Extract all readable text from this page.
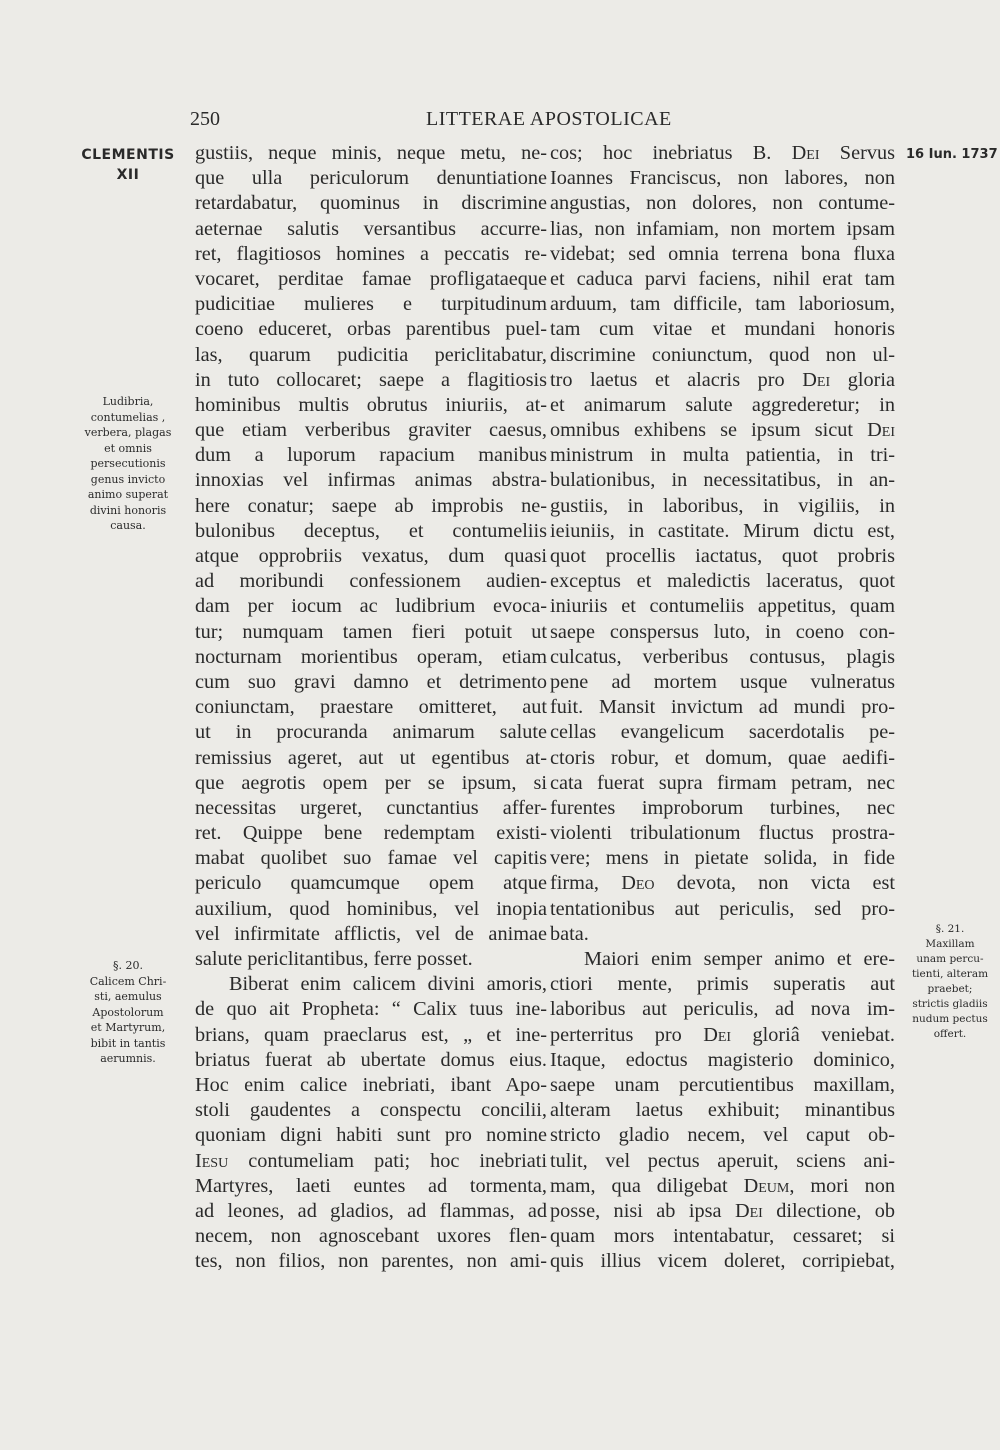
250	LITTERAE APOSTOLICAE
CLEMENTIS
XII
16 Iun. 1737
Ludibria,
contumelias ,
verbera, plagas
et omnis
persecutionis
genus invicto
animo superat
divini honoris
causa.
§. 20.
Calicem Chri-
sti, aemulus
Apostolorum
et Martyrum,
bibit in tantis
aerumnis.
§. 21.
Maxillam
unam percu-
tienti, alteram
praebet;
strictis gladiis
nudum pectus
offert.
gustiis, neque minis, neque metu, ne-
que ulla periculorum denuntiatione
retardabatur, quominus in discrimine
aeternae salutis versantibus accurre-
ret, flagitiosos homines a peccatis re-
vocaret, perditae famae profligataeque
pudicitiae mulieres e turpitudinum
coeno educeret, orbas parentibus puel-
las, quarum pudicitia periclitabatur,
in tuto collocaret; saepe a flagitiosis
hominibus multis obrutus iniuriis, at-
que etiam verberibus graviter caesus,
dum a luporum rapacium manibus
innoxias vel infirmas animas abstra-
here conatur; saepe ab improbis ne-
bulonibus deceptus, et contumeliis
atque opprobriis vexatus, dum quasi
ad moribundi confessionem audien-
dam per iocum ac ludibrium evoca-
tur; numquam tamen fieri potuit ut
nocturnam morientibus operam, etiam
cum suo gravi damno et detrimento
coniunctam, praestare omitteret, aut
ut in procuranda animarum salute
remissius ageret, aut ut egentibus at-
que aegrotis opem per se ipsum, si
necessitas urgeret, cunctantius affer-
ret. Quippe bene redemptam existi-
mabat quolibet suo famae vel capitis
periculo quamcumque opem atque
auxilium, quod hominibus, vel inopia
vel infirmitate afflictis, vel de animae
salute periclitantibus, ferre posset.
Biberat enim calicem divini amoris,
de quo ait Propheta: “ Calix tuus ine-
brians, quam praeclarus est, „ et ine-
briatus fuerat ab ubertate domus eius.
Hoc enim calice inebriati, ibant Apo-
stoli gaudentes a conspectu concilii,
quoniam digni habiti sunt pro nomine
Iesu contumeliam pati; hoc inebriati
Martyres, laeti euntes ad tormenta,
ad leones, ad gladios, ad flammas, ad
necem, non agnoscebant uxores flen-
tes, non filios, non parentes, non ami-
cos; hoc inebriatus B. Dei Servus
Ioannes Franciscus, non labores, non
angustias, non dolores, non contume-
lias, non infamiam, non mortem ipsam
videbat; sed omnia terrena bona fluxa
et caduca parvi faciens, nihil erat tam
arduum, tam difficile, tam laboriosum,
tam cum vitae et mundani honoris
discrimine coniunctum, quod non ul-
tro laetus et alacris pro Dei gloria
et animarum salute aggrederetur; in
omnibus exhibens se ipsum sicut Dei
ministrum in multa patientia, in tri-
bulationibus, in necessitatibus, in an-
gustiis, in laboribus, in vigiliis, in
ieiuniis, in castitate. Mirum dictu est,
quot procellis iactatus, quot probris
exceptus et maledictis laceratus, quot
iniuriis et contumeliis appetitus, quam
saepe conspersus luto, in coeno con-
culcatus, verberibus contusus, plagis
pene ad mortem usque vulneratus
fuit. Mansit invictum ad mundi pro-
cellas evangelicum sacerdotalis pe-
ctoris robur, et domum, quae aedifi-
cata fuerat supra firmam petram, nec
furentes improborum turbines, nec
violenti tribulationum fluctus prostra-
vere; mens in pietate solida, in fide
firma, Deo devota, non victa est
tentationibus aut periculis, sed pro-
bata.
Maiori enim semper animo et ere-
ctiori mente, primis superatis aut
laboribus aut periculis, ad nova im-
perterritus pro Dei gloriâ veniebat.
Itaque, edoctus magisterio dominico,
saepe unam percutientibus maxillam,
alteram laetus exhibuit; minantibus
stricto gladio necem, vel caput ob-
tulit, vel pectus aperuit, sciens ani-
mam, qua diligebat Deum, mori non
posse, nisi ab ipsa Dei dilectione, ob
quam mors intentabatur, cessaret; si
quis illius vicem doleret, corripiebat,
